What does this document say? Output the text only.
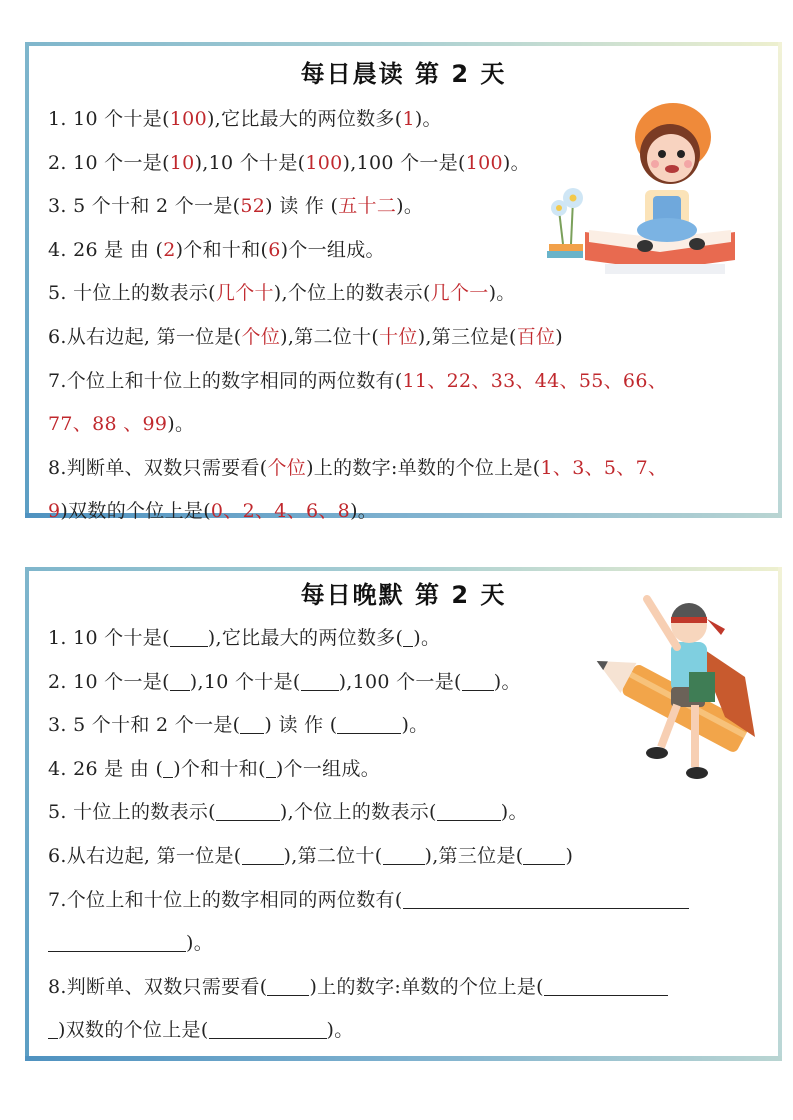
每日晨读 第 2 天
1. 10 个十是(100),它比最大的两位数多(1)。
2. 10 个一是(10),10 个十是(100),100 个一是(100)。
3. 5 个十和 2 个一是(52) 读 作 (五十二)。
4. 26 是 由 (2)个和十和(6)个一组成。
5. 十位上的数表示(几个十),个位上的数表示(几个一)。
6.从右边起, 第一位是(个位),第二位十(十位),第三位是(百位)
7.个位上和十位上的数字相同的两位数有(11、22、33、44、55、66、
77、88 、99)。
8.判断单、双数只需要看(个位)上的数字:单数的个位上是(1、3、5、7、
9)双数的个位上是(0、2、4、6、8)。
每日晚默 第 2 天
1. 10 个十是( ),它比最大的两位数多( )。
2. 10 个一是( ),10 个十是( ),100 个一是( )。
3. 5 个十和 2 个一是( ) 读 作 (	)。
4. 26 是 由 ( )个和十和( )个一组成。
5. 十位上的数表示(	),个位上的数表示(	)。
6.从右边起, 第一位是( ),第二位十( ),第三位是( )
7.个位上和十位上的数字相同的两位数有(
)。
8.判断单、双数只需要看( )上的数字:单数的个位上是(
)双数的个位上是(	)。
